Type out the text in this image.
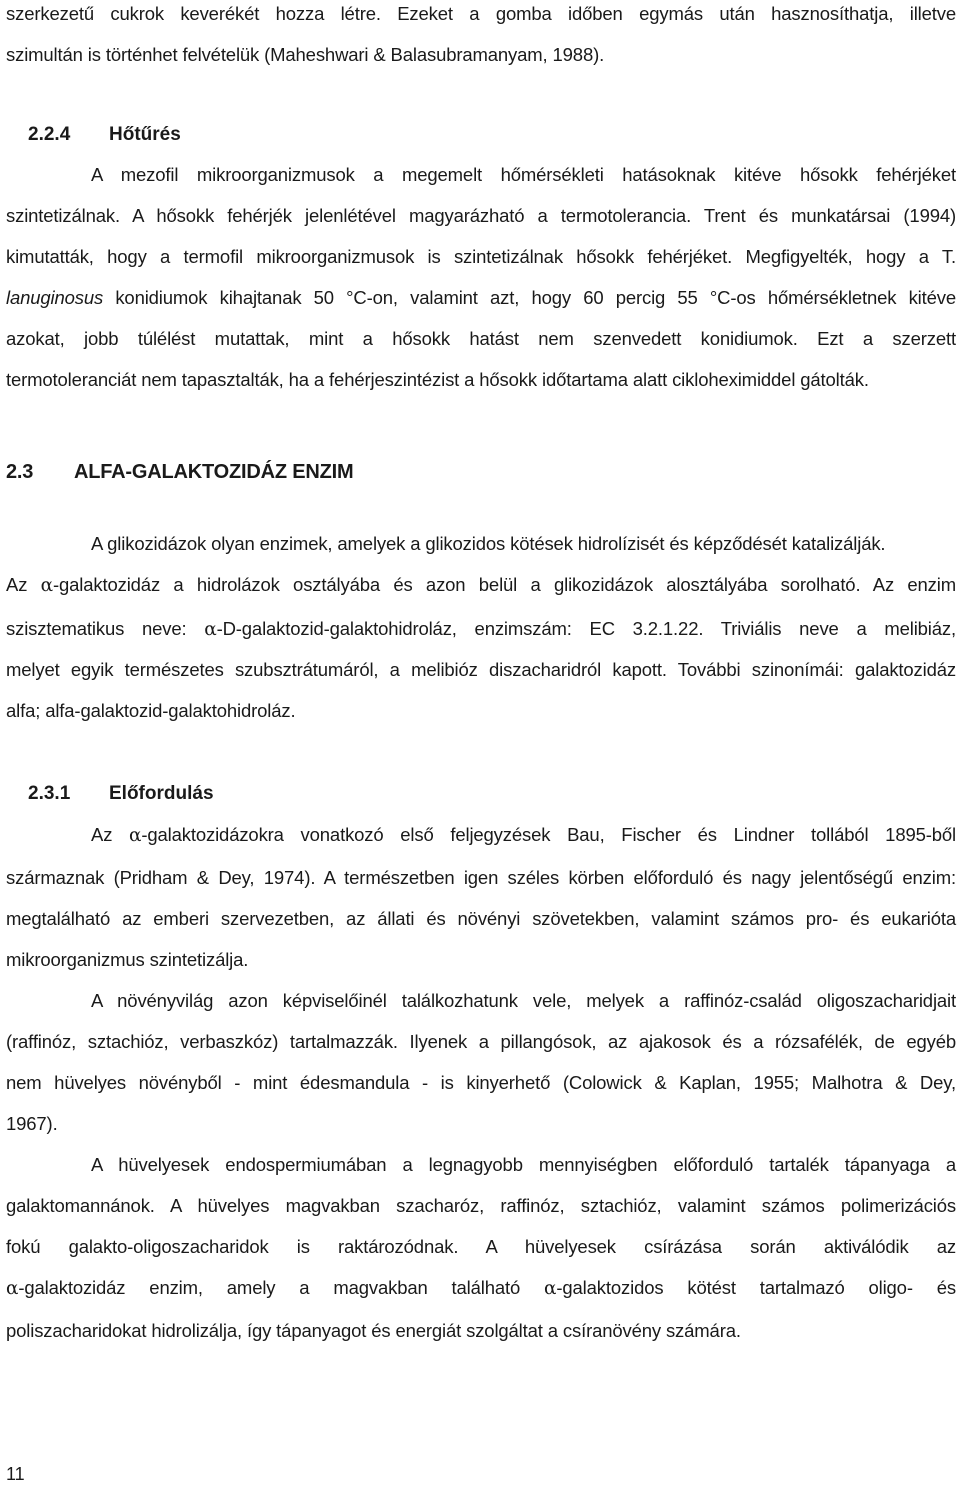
szerkezetű cukrok keverékét hozza létre. Ezeket a gomba időben egymás után hasznosíthatja, illetve
szimultán is történhet felvételük (Maheshwari & Balasubramanyam, 1988).
2.2.4 Hőtűrés
A mezofil mikroorganizmusok a megemelt hőmérsékleti hatásoknak kitéve hősokk fehérjéket
szintetizálnak. A hősokk fehérjék jelenlétével magyarázható a termotolerancia. Trent és munkatársai (1994)
kimutatták, hogy a termofil mikroorganizmusok is szintetizálnak hősokk fehérjéket. Megfigyelték, hogy a T.
lanuginosus konidiumok kihajtanak 50 °C-on, valamint azt, hogy 60 percig 55 °C-os hőmérsékletnek kitéve
azokat, jobb túlélést mutattak, mint a hősokk hatást nem szenvedett konidiumok. Ezt a szerzett
termotoleranciát nem tapasztalták, ha a fehérjeszintézist a hősokk időtartama alatt cikloheximiddel gátolták.
2.3 ALFA-GALAKTOZIDÁZ ENZIM
A glikozidázok olyan enzimek, amelyek a glikozidos kötések hidrolízisét és képződését katalizálják.
Az α-galaktozidáz a hidrolázok osztályába és azon belül a glikozidázok alosztályába sorolható. Az enzim
szisztematikus neve: α-D-galaktozid-galaktohidroláz, enzimszám: EC 3.2.1.22. Triviális neve a melibiáz,
melyet egyik természetes szubsztrátumáról, a melibióz diszacharidról kapott. További szinonímái: galaktozidáz
alfa; alfa-galaktozid-galaktohidroláz.
2.3.1 Előfordulás
Az α-galaktozidázokra vonatkozó első feljegyzések Bau, Fischer és Lindner tollából 1895-ből
származnak (Pridham & Dey, 1974). A természetben igen széles körben előforduló és nagy jelentőségű enzim:
megtalálható az emberi szervezetben, az állati és növényi szövetekben, valamint számos pro- és eukarióta
mikroorganizmus szintetizálja.
A növényvilág azon képviselőinél találkozhatunk vele, melyek a raffinóz-család oligoszacharidjait
(raffinóz, sztachióz, verbaszkóz) tartalmazzák. Ilyenek a pillangósok, az ajakosok és a rózsafélék, de egyéb
nem hüvelyes növényből - mint édesmandula - is kinyerhető (Colowick & Kaplan, 1955; Malhotra & Dey,
1967).
A hüvelyesek endospermiumában a legnagyobb mennyiségben előforduló tartalék tápanyaga a
galaktomannánok. A hüvelyes magvakban szacharóz, raffinóz, sztachióz, valamint számos polimerizációs
fokú galakto-oligoszacharidok is raktározódnak. A hüvelyesek csírázása során aktiválódik az
α-galaktozidáz enzim, amely a magvakban található α-galaktozidos kötést tartalmazó oligo- és
poliszacharidokat hidrolizálja, így tápanyagot és energiát szolgáltat a csíranövény számára.
11
